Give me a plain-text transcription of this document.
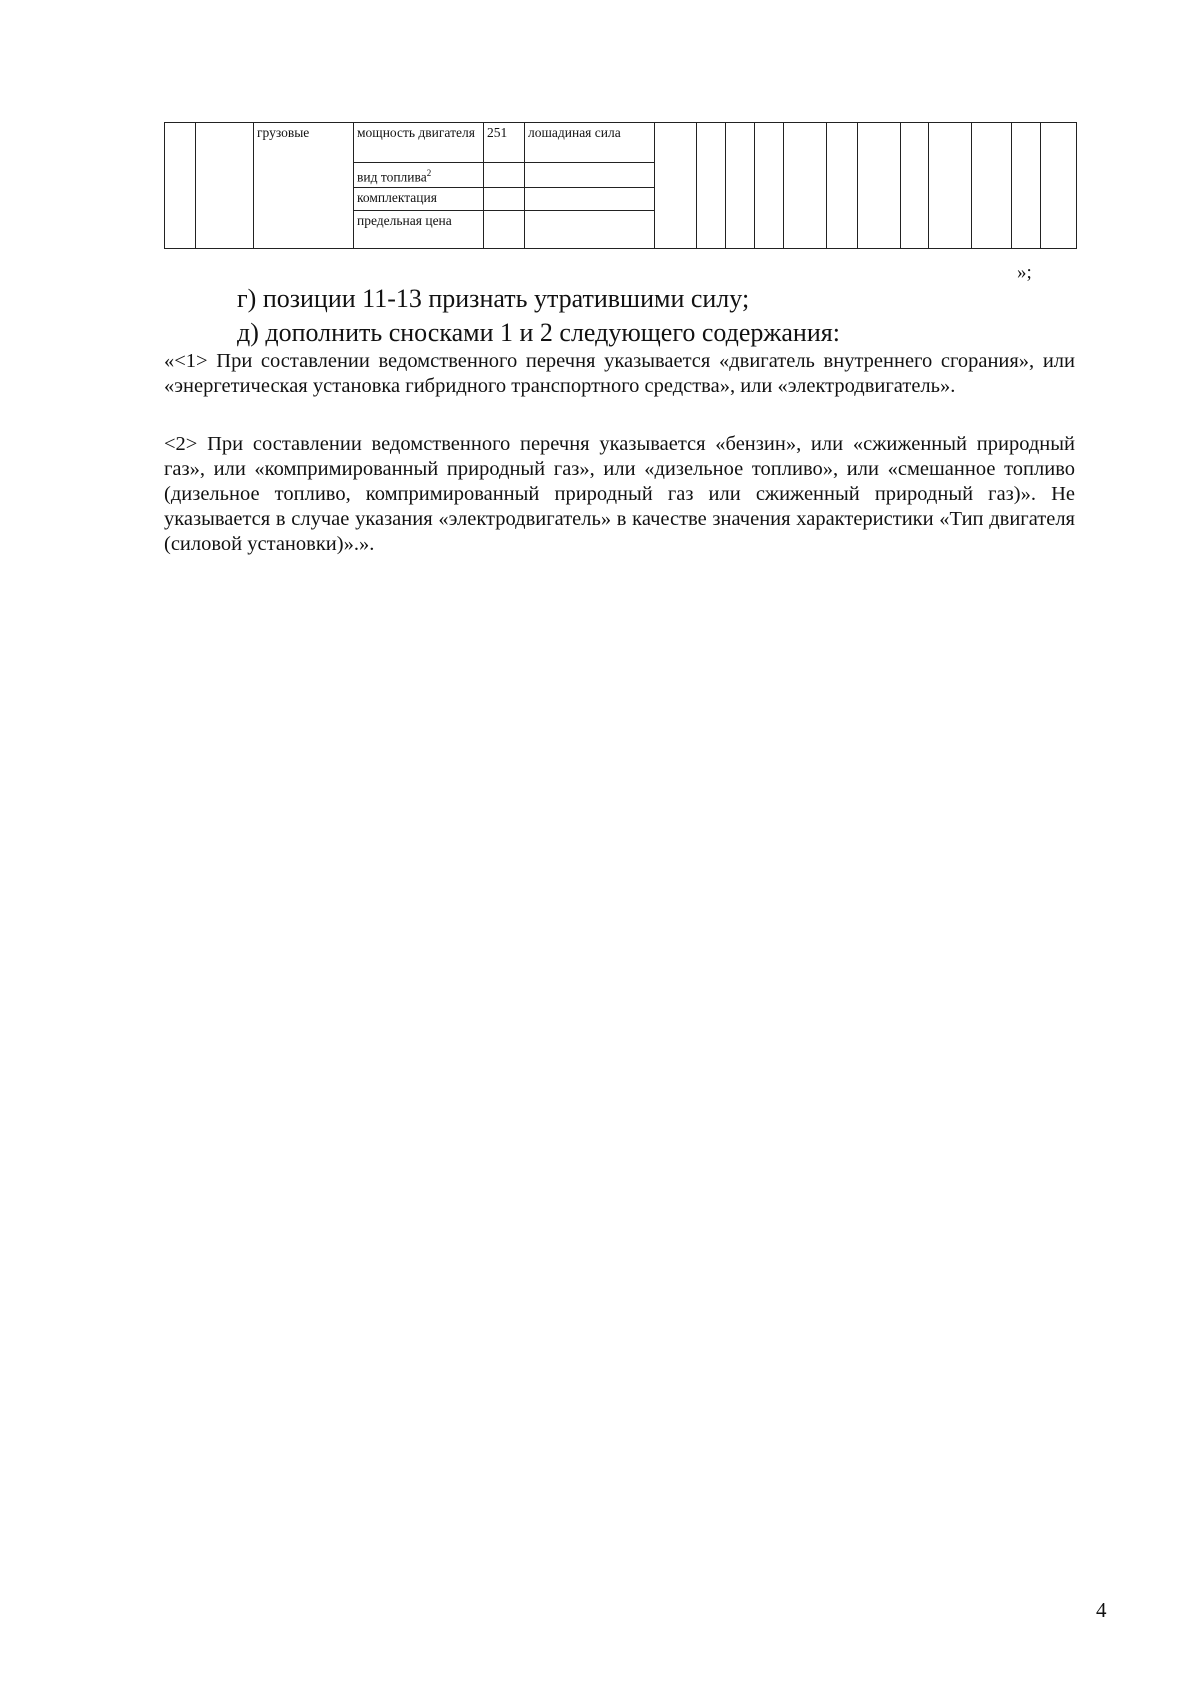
		грузовые	мощность двигателя	251	лошадиная сила												
			вид топлива$^2$		
			комплектация														
			предельная цена														
»;
г) позиции 11-13 признать утратившими силу;
д) дополнить сносками 1 и 2 следующего содержания:
«<1> При составлении ведомственного перечня указывается «двигатель внутреннего сгорания», или «энергетическая установка гибридного транспортного средства», или «электродвигатель».
<2> При составлении ведомственного перечня указывается «бензин», или «сжиженный природный газ», или «компримированный природный газ», или «дизельное топливо», или «смешанное топливо (дизельное топливо, компримированный природный газ или сжиженный природный газ)». Не указывается в случае указания «электродвигатель» в качестве значения характеристики «Тип двигателя (силовой установки)».».
4
